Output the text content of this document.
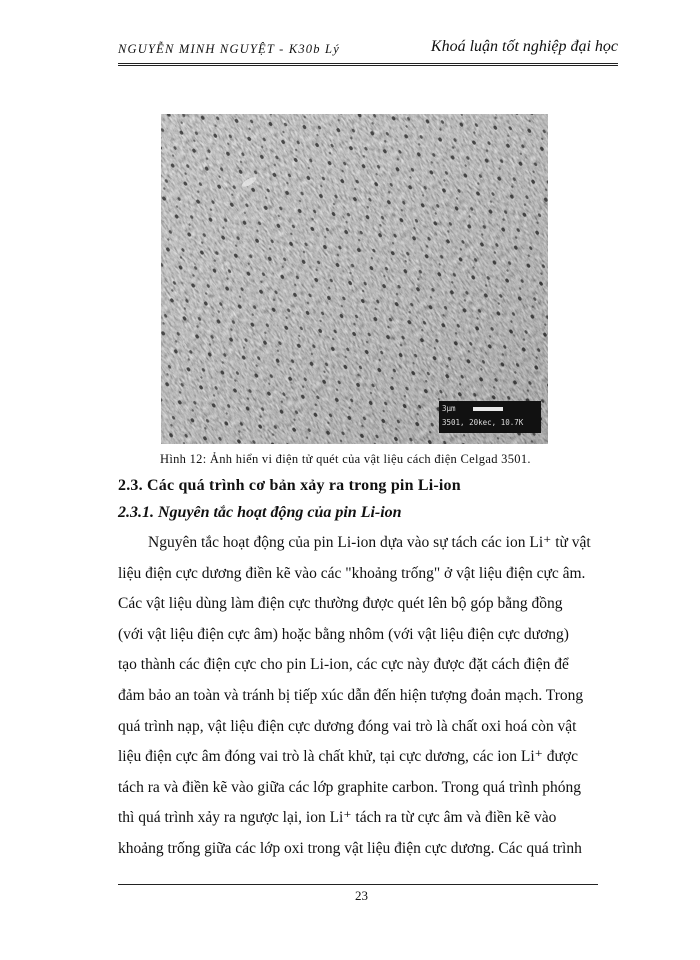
NGUYỄN MINH NGUYỆT - K30b Lý	Khoá luận tốt nghiệp đại học
3μm
3501, 20kec, 10.7K
Hình 12: Ảnh hiển vi điện tử quét của vật liệu cách điện Celgad 3501.
2.3. Các quá trình cơ bản xảy ra trong pin Li-ion
2.3.1. Nguyên tắc hoạt động của pin Li-ion
Nguyên tắc hoạt động của pin Li-ion dựa vào sự tách các ion Li⁺ từ vật
liệu điện cực dương điền kẽ vào các "khoảng trống" ở vật liệu điện cực âm.
Các vật liệu dùng làm điện cực thường được quét lên bộ góp bằng đồng
(với vật liệu điện cực âm) hoặc bằng nhôm (với vật liệu điện cực dương)
tạo thành các điện cực cho pin Li-ion, các cực này được đặt cách điện để
đảm bảo an toàn và tránh bị tiếp xúc dẫn đến hiện tượng đoản mạch. Trong
quá trình nạp, vật liệu điện cực dương đóng vai trò là chất oxi hoá còn vật
liệu điện cực âm đóng vai trò là chất khử, tại cực dương, các ion Li⁺ được
tách ra và điền kẽ vào giữa các lớp graphite carbon. Trong quá trình phóng
thì quá trình xảy ra ngược lại, ion Li⁺ tách ra từ cực âm và điền kẽ vào
khoảng trống giữa các lớp oxi trong vật liệu điện cực dương. Các quá trình
23
